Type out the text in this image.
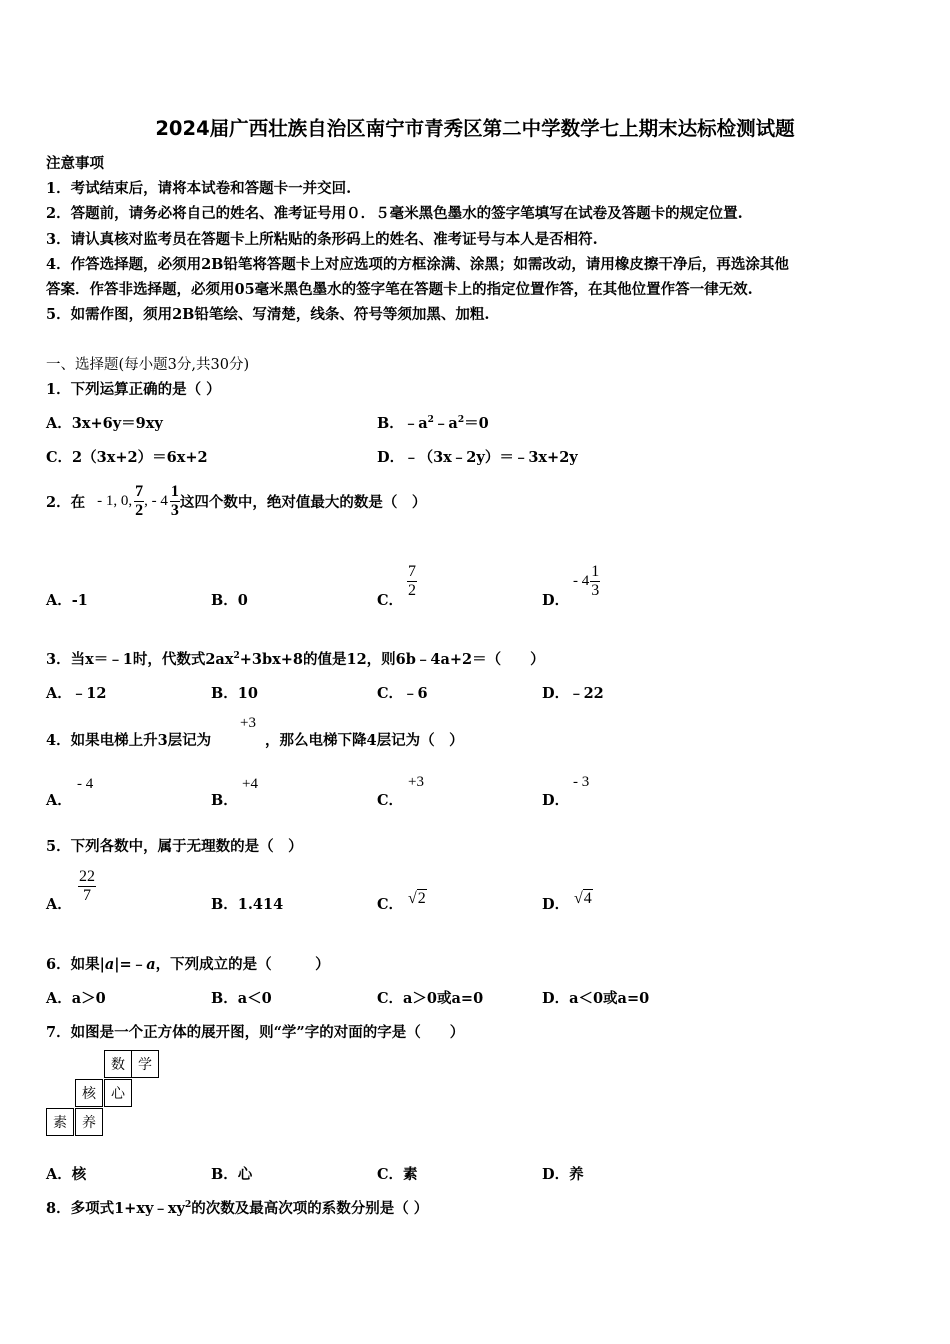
2024届广西壮族自治区南宁市青秀区第二中学数学七上期末达标检测试题
注意事项
1．考试结束后，请将本试卷和答题卡一并交回.
2．答题前，请务必将自己的姓名、准考证号用０．５毫米黑色墨水的签字笔填写在试卷及答题卡的规定位置.
3．请认真核对监考员在答题卡上所粘贴的条形码上的姓名、准考证号与本人是否相符.
4．作答选择题，必须用2B铅笔将答题卡上对应选项的方框涂满、涂黑；如需改动，请用橡皮擦干净后，再选涂其他
答案．作答非选择题，必须用05毫米黑色墨水的签字笔在答题卡上的指定位置作答，在其他位置作答一律无效.
5．如需作图，须用2B铅笔绘、写清楚，线条、符号等须加黑、加粗.
一、选择题(每小题3分,共30分)
1．下列运算正确的是（ ）
A．3x+6y＝9xy	B．$﹣a^2﹣a^2=0$
C．2（3x+2）＝6x+2	D．﹣（3x﹣2y）＝﹣3x+2y
2．在 - 1, 0, $\frac{7}{2}$ , - $4 \frac{1}{3}$ 这四个数中，绝对值最大的数是（　）
A．-1	B．0	C．
$\frac{7}{2}$
D．
- $4 \frac{1}{3}$
3．当x＝﹣1时，代数式$2ax^2+3bx+8$的值是12，则6b﹣4a+2＝（　　）
A．﹣12	B．10	C．﹣6	D．﹣22
4．如果电梯上升3层记为
+3
，那么电梯下降4层记为（　）
A．
- 4
B．
+4
C．
+3
D．
- 3
5．下列各数中，属于无理数的是（　）
A． $\frac{22}{7}$	B．1.414	C． √2	D． √4
6．如果|a|=﹣a，下列成立的是（　　　）
A．a＞0	B．a＜0	C．a＞0或a=0	D．a＜0或a=0
7．如图是一个正方体的展开图，则“学”字的对面的字是（　　）
数 学
核	心
素	养
A．核	B．心	C．素	D．养
8．多项式$1+xy﹣xy^2$的次数及最高次项的系数分别是（ ）
